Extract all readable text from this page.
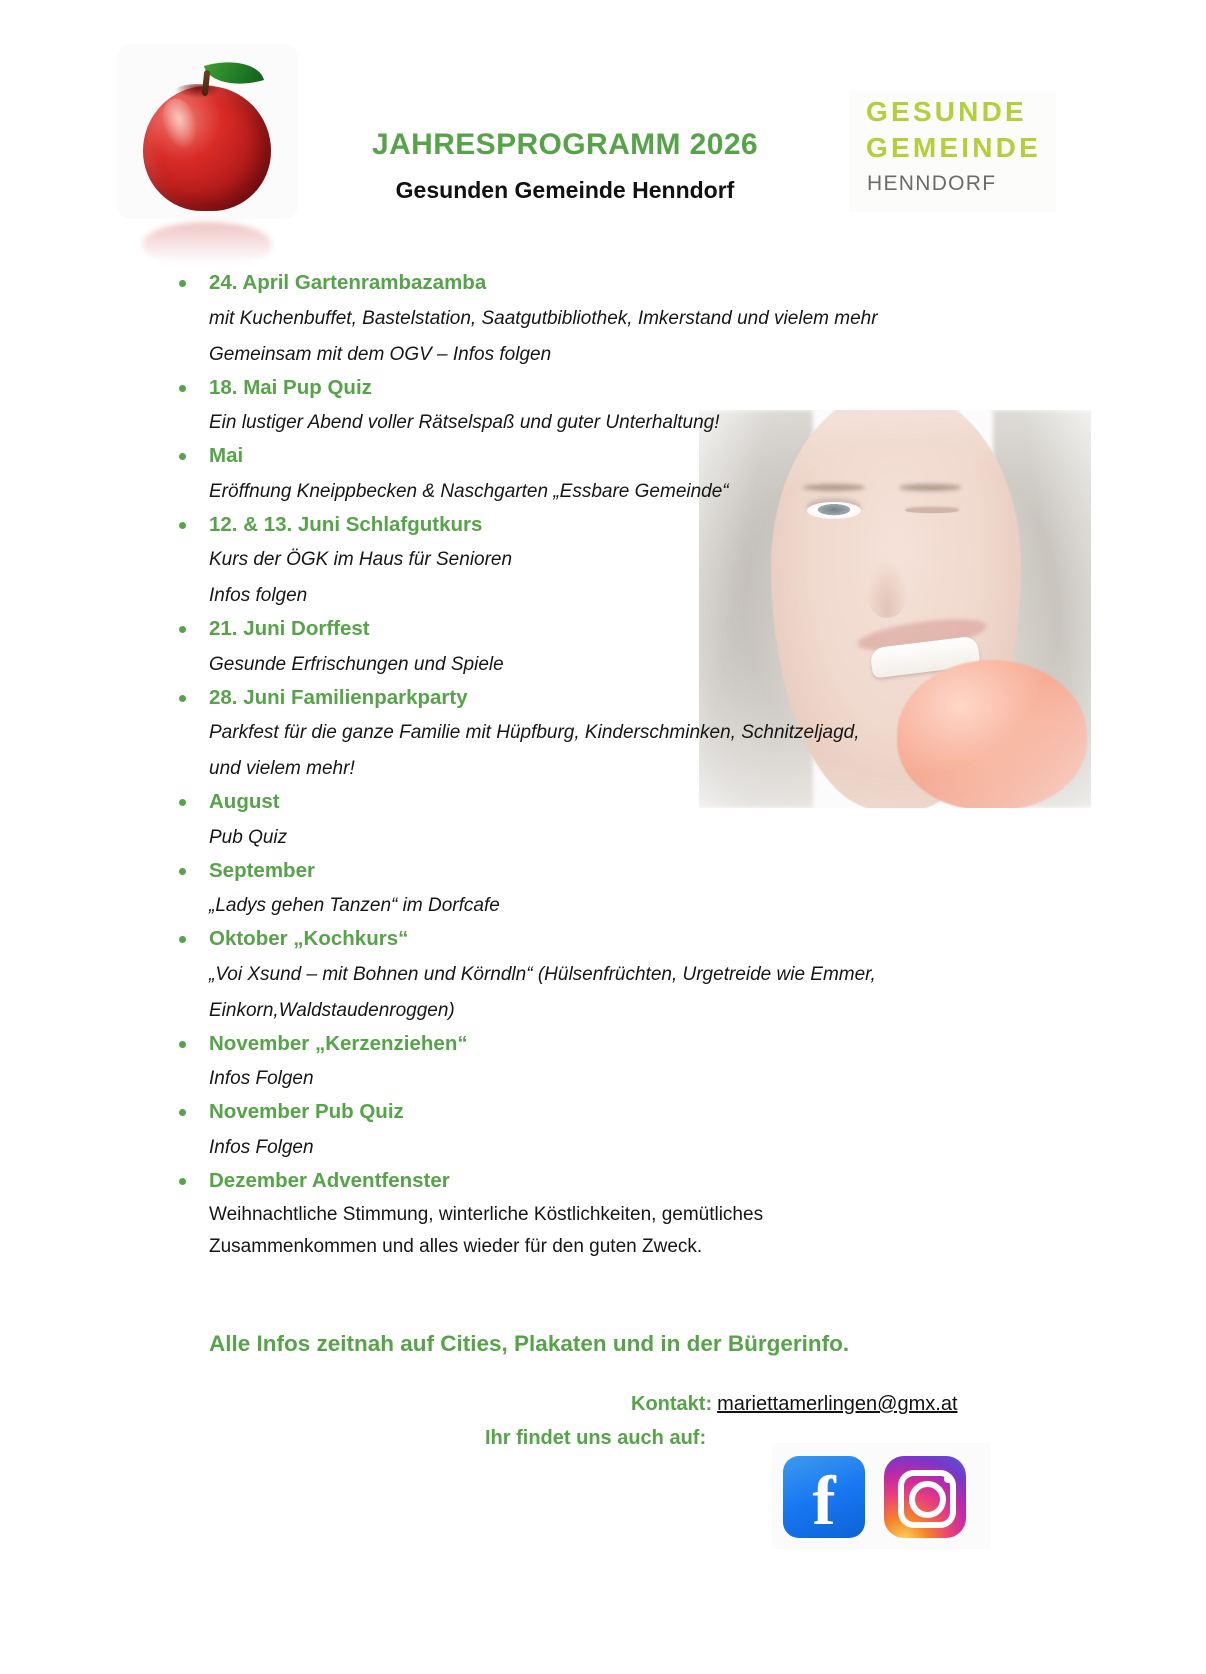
JAHRESPROGRAMM 2026
Gesunden Gemeinde Henndorf
GESUNDE
GEMEINDE
HENNDORF
24. April Gartenrambazamba
mit Kuchenbuffet, Bastelstation, Saatgutbibliothek, Imkerstand und vielem mehr
Gemeinsam mit dem OGV – Infos folgen
18. Mai Pup Quiz
Ein lustiger Abend voller Rätselspaß und guter Unterhaltung!
Mai
Eröffnung Kneippbecken & Naschgarten „Essbare Gemeinde“
12. & 13. Juni Schlafgutkurs
Kurs der ÖGK im Haus für Senioren
Infos folgen
21. Juni Dorffest
Gesunde Erfrischungen und Spiele
28. Juni Familienparkparty
Parkfest für die ganze Familie mit Hüpfburg, Kinderschminken, Schnitzeljagd,
und vielem mehr!
August
Pub Quiz
September
„Ladys gehen Tanzen“ im Dorfcafe
Oktober „Kochkurs“
„Voi Xsund – mit Bohnen und Körndln“ (Hülsenfrüchten, Urgetreide wie Emmer,
Einkorn,Waldstaudenroggen)
November „Kerzenziehen“
Infos Folgen
November Pub Quiz
Infos Folgen
Dezember Adventfenster
Weihnachtliche Stimmung, winterliche Köstlichkeiten, gemütliches
Zusammenkommen und alles wieder für den guten Zweck.
Alle Infos zeitnah auf Cities, Plakaten und in der Bürgerinfo.
Kontakt: mariettamerlingen@gmx.at
Ihr findet uns auch auf:
f
